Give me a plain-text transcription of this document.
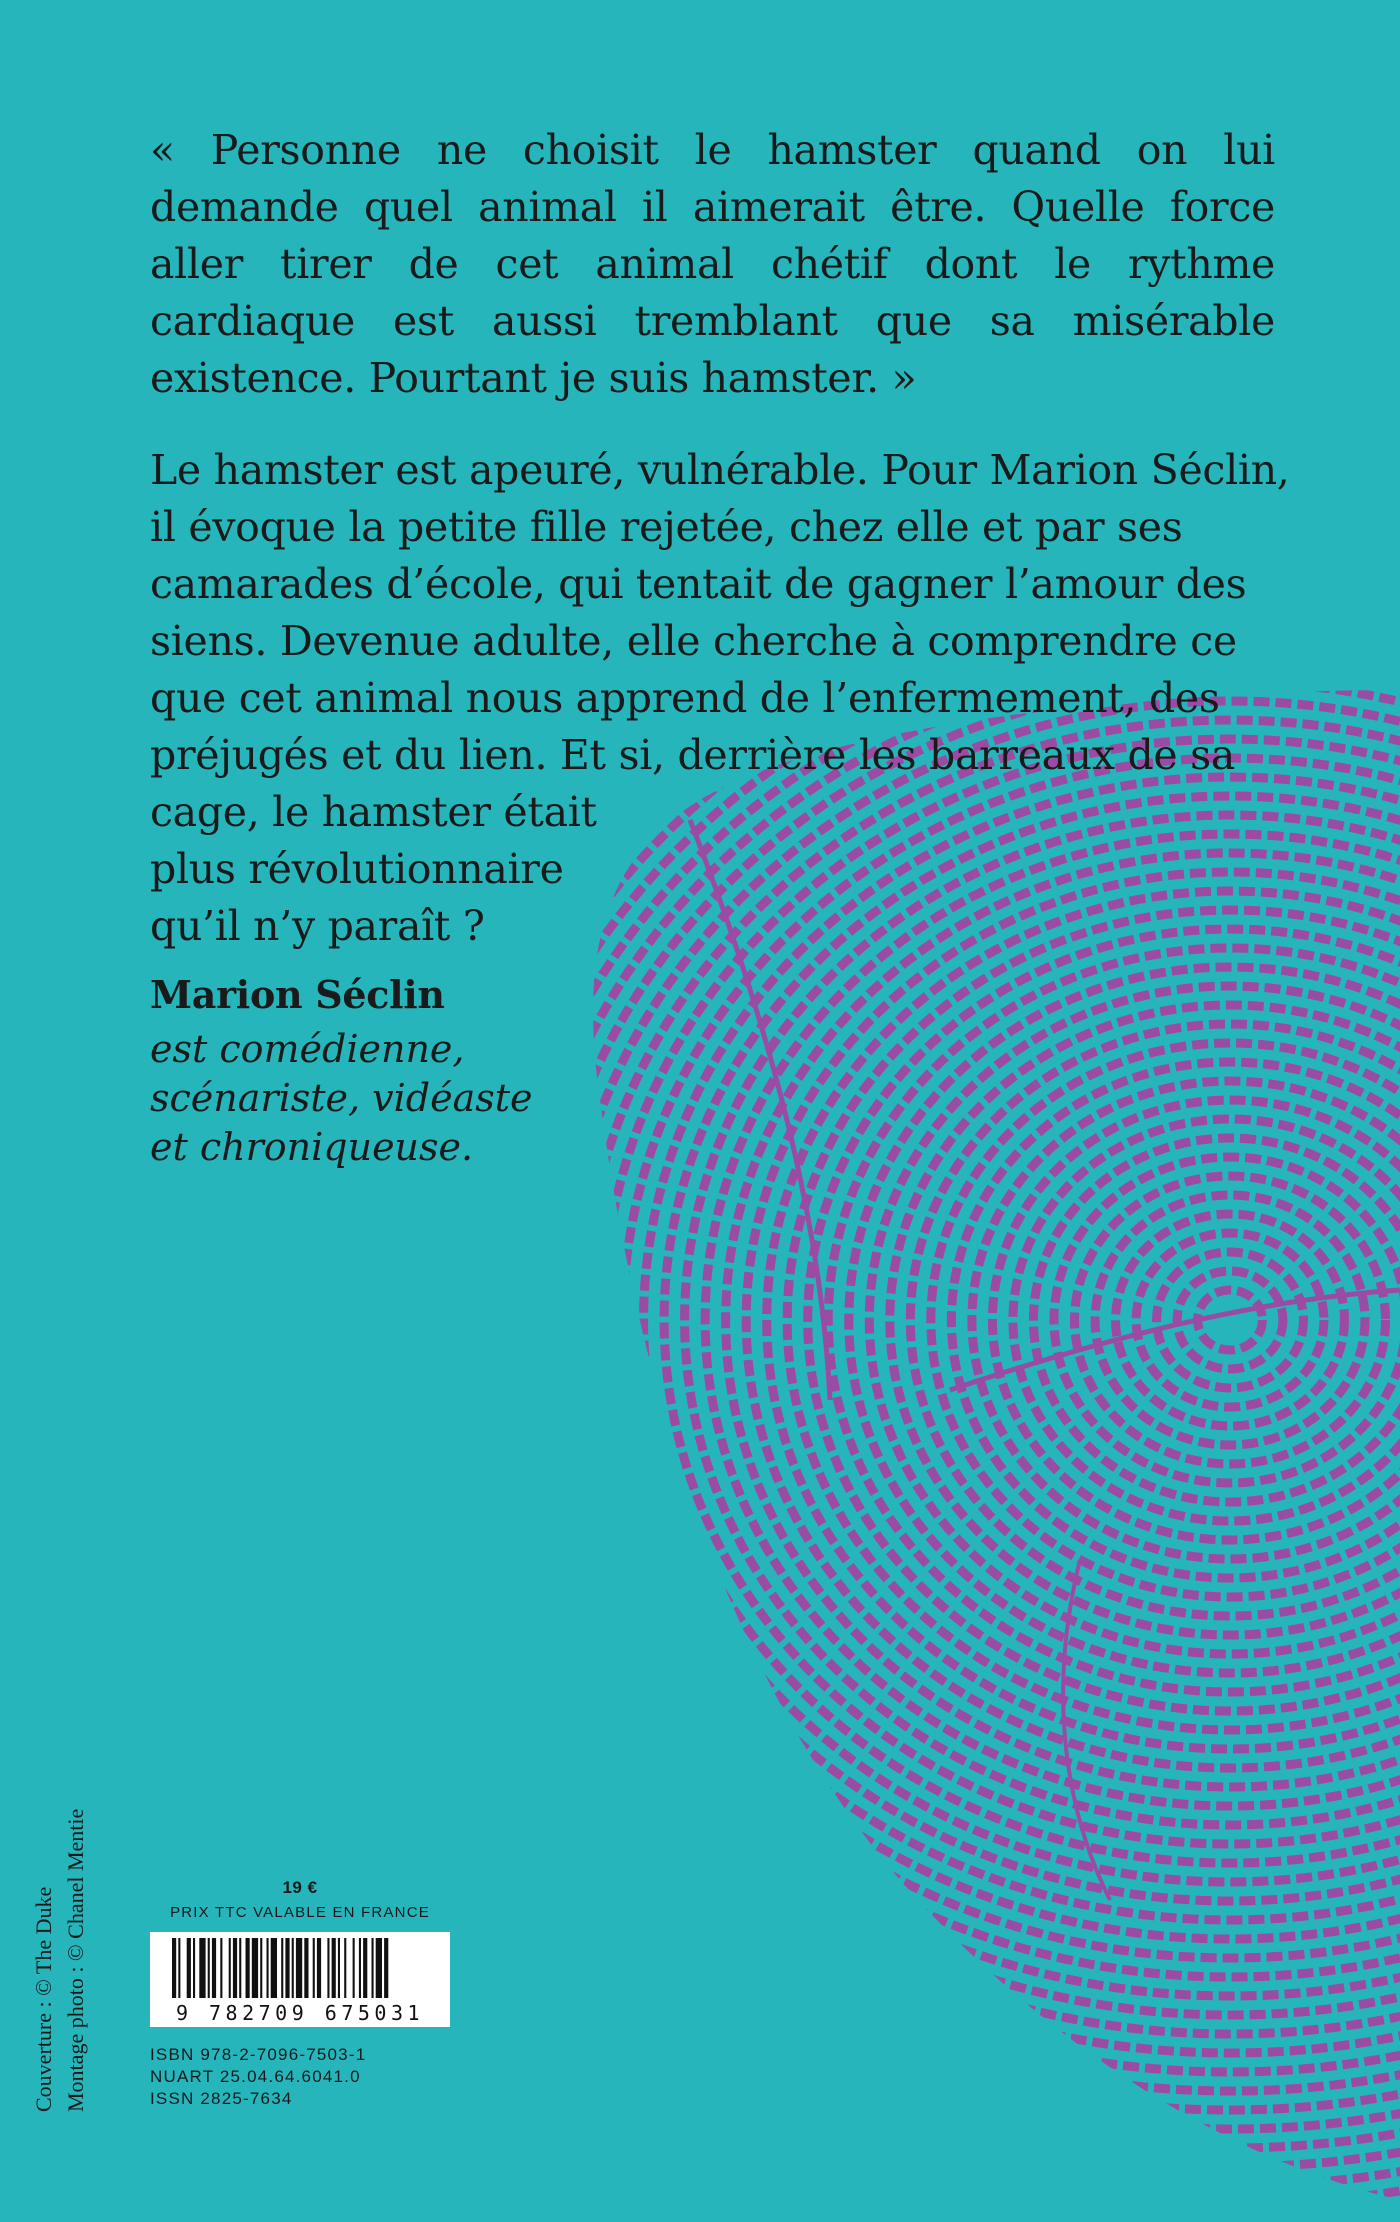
« Personne ne choisit le hamster quand on lui demande quel animal il aimerait être. Quelle force aller tirer de cet animal chétif dont le rythme cardiaque est aussi tremblant que sa misérable existence. Pourtant je suis hamster. »

Le hamster est apeuré, vulnérable. Pour Marion Séclin,
il évoque la petite fille rejetée, chez elle et par ses
camarades d’école, qui tentait de gagner l’amour des
siens. Devenue adulte, elle cherche à comprendre ce
que cet animal nous apprend de l’enfermement, des
préjugés et du lien. Et si, derrière les barreaux de sa
cage, le hamster était
plus révolutionnaire
qu’il n’y paraît ?

Marion Séclin

est comédienne,
scénariste, vidéaste
et chroniqueuse.

19 €
PRIX TTC VALABLE EN FRANCE
9 782709 675031
ISBN 978-2-7096-7503-1
NUART 25.04.64.6041.0
ISSN 2825-7634
Couverture : © The Duke Montage photo : © Chanel Mentie
